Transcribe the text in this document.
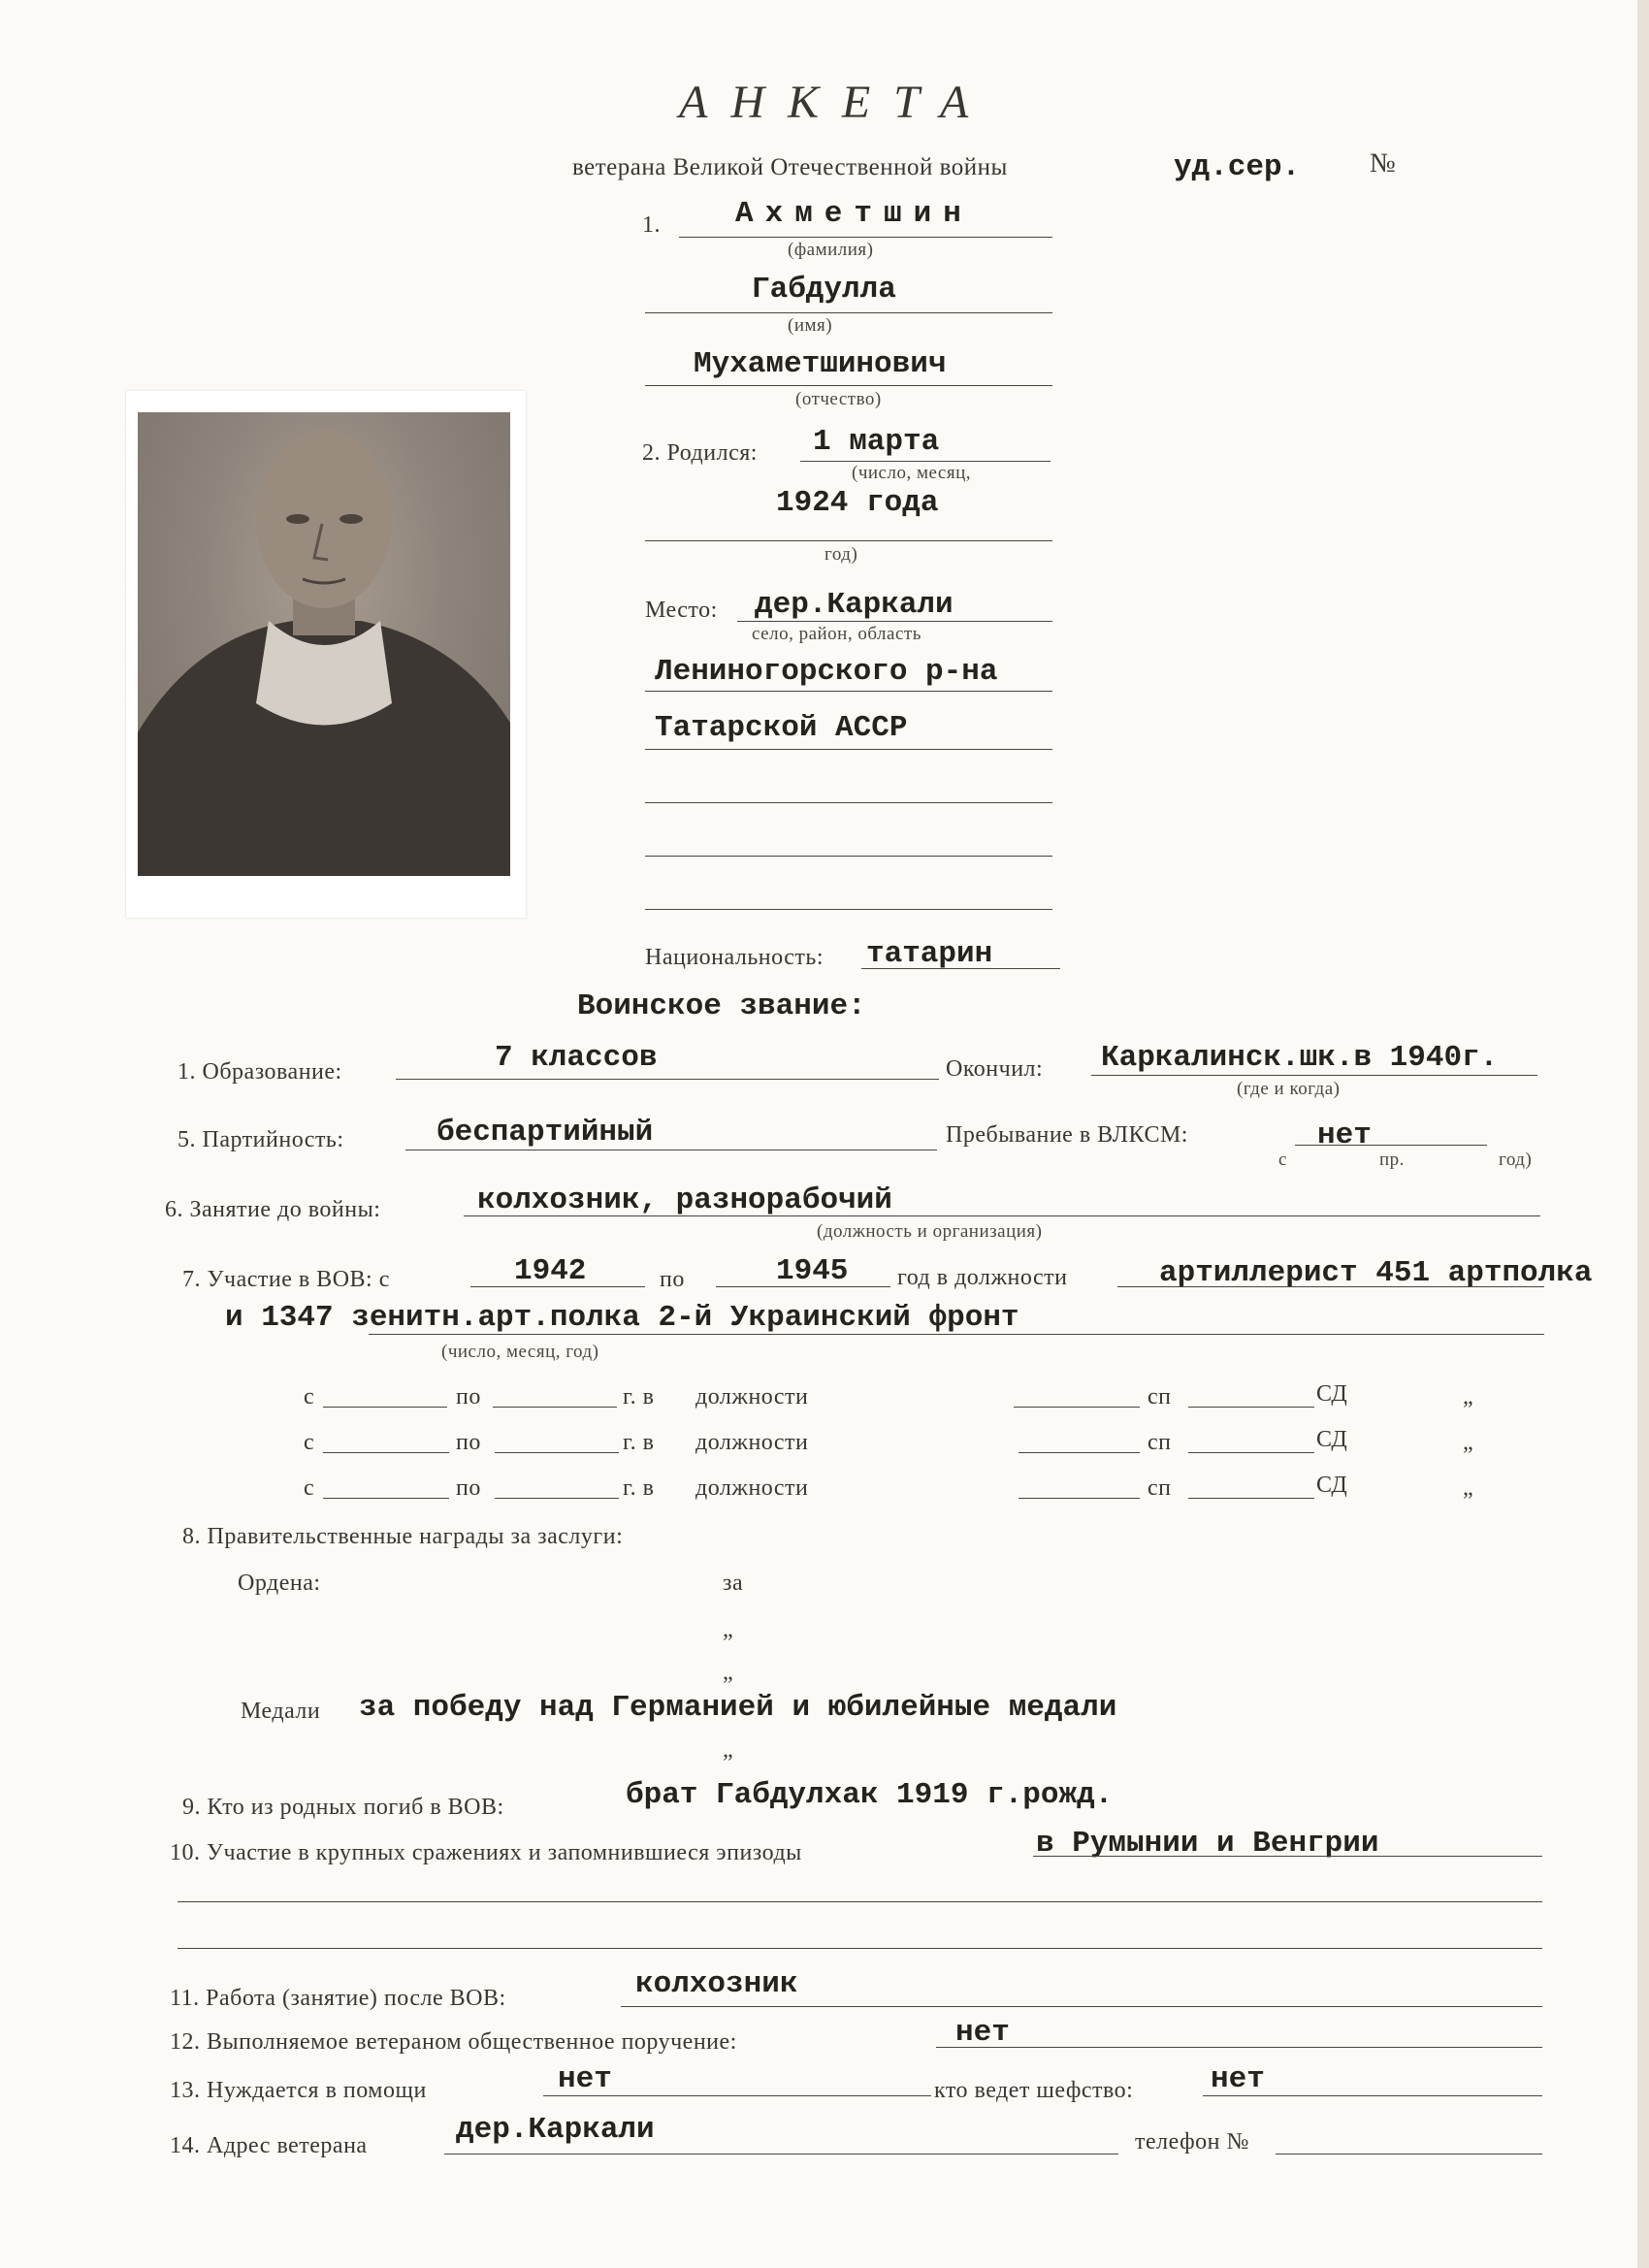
АНКЕТА
ветерана Великой Отечественной войны	уд.сер.	№
1. Ахметшин
(фамилия)
Габдулла
(имя)
Мухаметшинович
(отчество)
2. Родился: 1 марта
(число, месяц,
1924 года
год)
Место: дер.Каркали
село, район, область
Лениногорского р-на
Татарской АССР
Национальность: татарин
Воинское звание:
1. Образование:	7 классов	Окончил: Каркалинск.шк.в 1940г.
(где и когда)
5. Партийность:	беспартийный	Пребывание в ВЛКСМ:	нет
с	пр.	год)
6. Занятие до войны:	колхозник, разнорабочий
(должность и организация)
7. Участие в ВОВ: с	1942	по	1945 год в должности	артиллерист 451 артполка
и 1347 зенитн.арт.полка 2-й Украинский фронт
(число, месяц, год)
с	по	г. в должности	сп	СД	„
с	по	г. в должности	сп	СД	„
с	по	г. в должности	сп	СД	„
8. Правительственные награды за заслуги:
Ордена:	за
„
„
Медали за победу над Германией и юбилейные медали
„
9. Кто из родных погиб в ВОВ:	брат Габдулхак 1919 г.рожд.
10. Участие в крупных сражениях и запомнившиеся эпизоды	в Румынии и Венгрии
11. Работа (занятие) после ВОВ:	колхозник
12. Выполняемое ветераном общественное поручение:	нет
13. Нуждается в помощи	нет	кто ведет шефство:	нет
14. Адрес ветерана	дер.Каркали	телефон №
